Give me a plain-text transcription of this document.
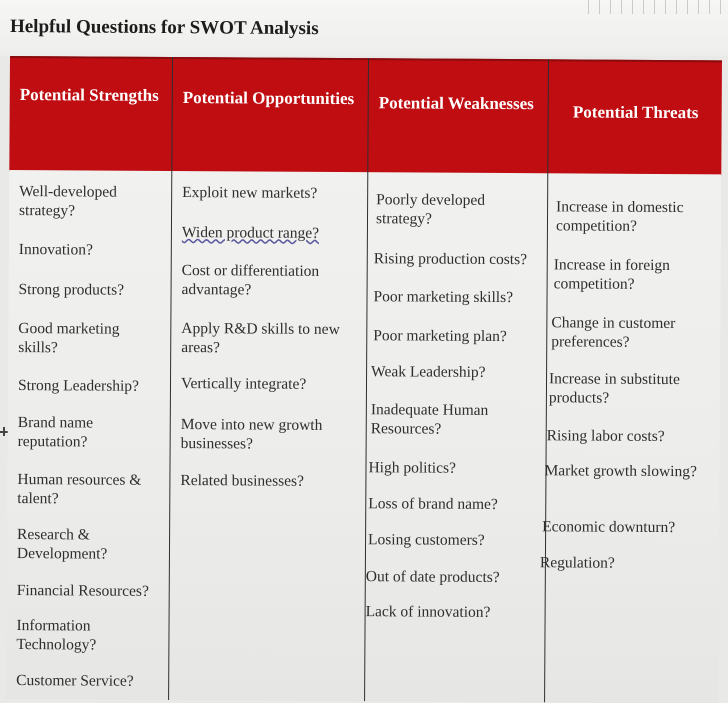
Helpful Questions for SWOT Analysis
Potential Strengths
Well-developed strategy?
Innovation?
Strong products?
Good marketing skills?
Strong Leadership?
Brand name reputation?
Human resources & talent?
Research & Development?
Financial Resources?
Information Technology?
Customer Service?
Potential Opportunities
Exploit new markets?
Widen product range?
Cost or differentiation advantage?
Apply R&D skills to new areas?
Vertically integrate?
Move into new growth businesses?
Related businesses?
Potential Weaknesses
Poorly developed strategy?
Rising production costs?
Poor marketing skills?
Poor marketing plan?
Weak Leadership?
Inadequate Human Resources?
High politics?
Loss of brand name?
Losing customers?
Out of date products?
Lack of innovation?
Potential Threats
Increase in domestic competition?
Increase in foreign competition?
Change in customer preferences?
Increase in substitute products?
Rising labor costs?
Market growth slowing?
Economic downturn?
Regulation?
